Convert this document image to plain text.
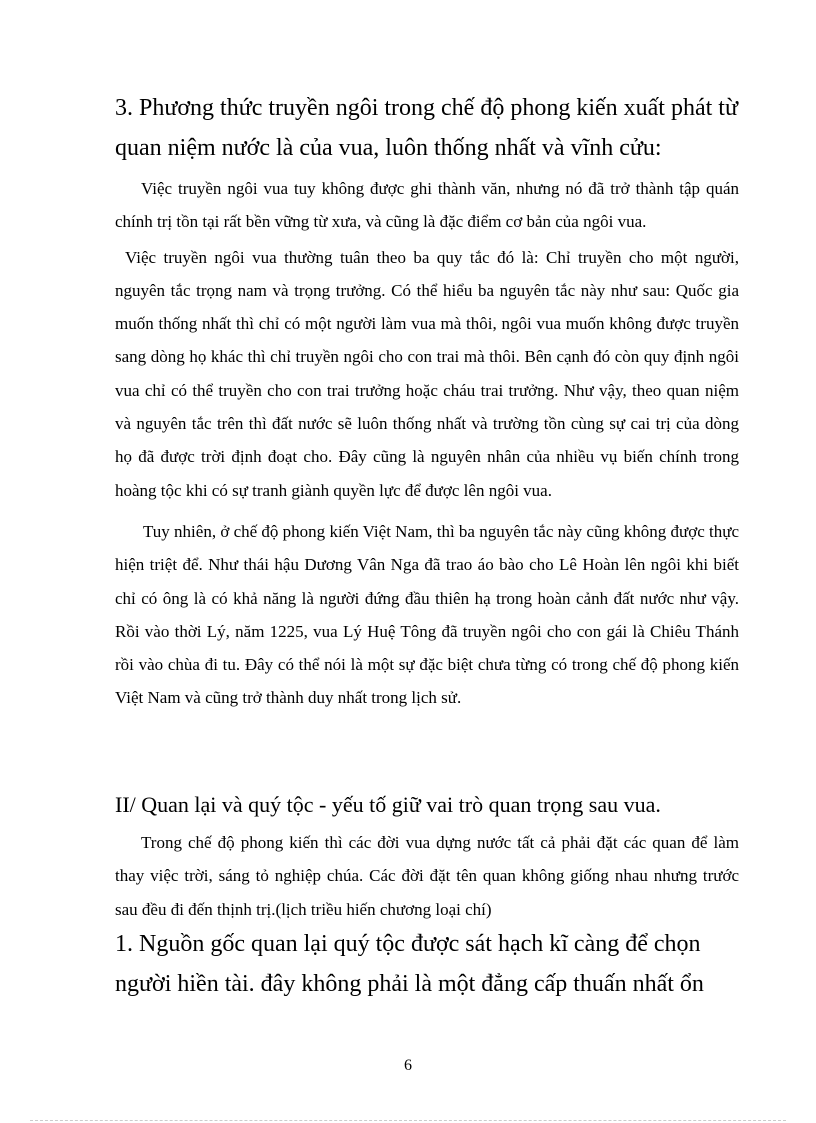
3. Phương thức truyền ngôi trong chế độ phong kiến xuất phát từ quan niệm nước là của vua, luôn thống nhất và vĩnh cửu:

Việc truyền ngôi vua tuy không được ghi thành văn, nhưng nó đã trở thành tập quán chính trị tồn tại rất bền vững từ xưa, và cũng là đặc điểm cơ bản của ngôi vua.

Việc truyền ngôi vua thường tuân theo ba quy tắc đó là: Chỉ truyền cho một người, nguyên tắc trọng nam và trọng trưởng. Có thể hiểu ba nguyên tắc này như sau: Quốc gia muốn thống nhất thì chỉ có một người làm vua mà thôi, ngôi vua muốn không được truyền sang dòng họ khác thì chỉ truyền ngôi cho con trai mà thôi. Bên cạnh đó còn quy định ngôi vua chỉ có thể truyền cho con trai trưởng hoặc cháu trai trưởng. Như vậy, theo quan niệm và nguyên tắc trên thì đất nước sẽ luôn thống nhất và trường tồn cùng sự cai trị của dòng họ đã được trời định đoạt cho. Đây cũng là nguyên nhân của nhiều vụ biến chính trong hoàng tộc khi có sự tranh giành quyền lực để được lên ngôi vua.

Tuy nhiên, ở chế độ phong kiến Việt Nam, thì ba nguyên tắc này cũng không được thực hiện triệt để. Như thái hậu Dương Vân Nga đã trao áo bào cho Lê Hoàn lên ngôi khi biết chỉ có ông là có khả năng là người đứng đầu thiên hạ trong hoàn cảnh đất nước như vậy. Rồi vào thời Lý, năm 1225, vua Lý Huệ Tông đã truyền ngôi cho con gái là Chiêu Thánh rồi vào chùa đi tu. Đây có thể nói là một sự đặc biệt chưa từng có trong chế độ phong kiến Việt Nam và cũng trở thành duy nhất trong lịch sử.

II/ Quan lại và quý tộc - yếu tố giữ vai trò quan trọng sau vua.

Trong chế độ phong kiến thì các đời vua dựng nước tất cả phải đặt các quan để làm thay việc trời, sáng tỏ nghiệp chúa. Các đời đặt tên quan không giống nhau nhưng trước sau đều đi đến thịnh trị.(lịch triều hiến chương loại chí)

1. Nguồn gốc quan lại quý tộc được sát hạch kĩ càng để chọn người hiền tài. đây không phải là một đẳng cấp thuấn nhất ổn

6
